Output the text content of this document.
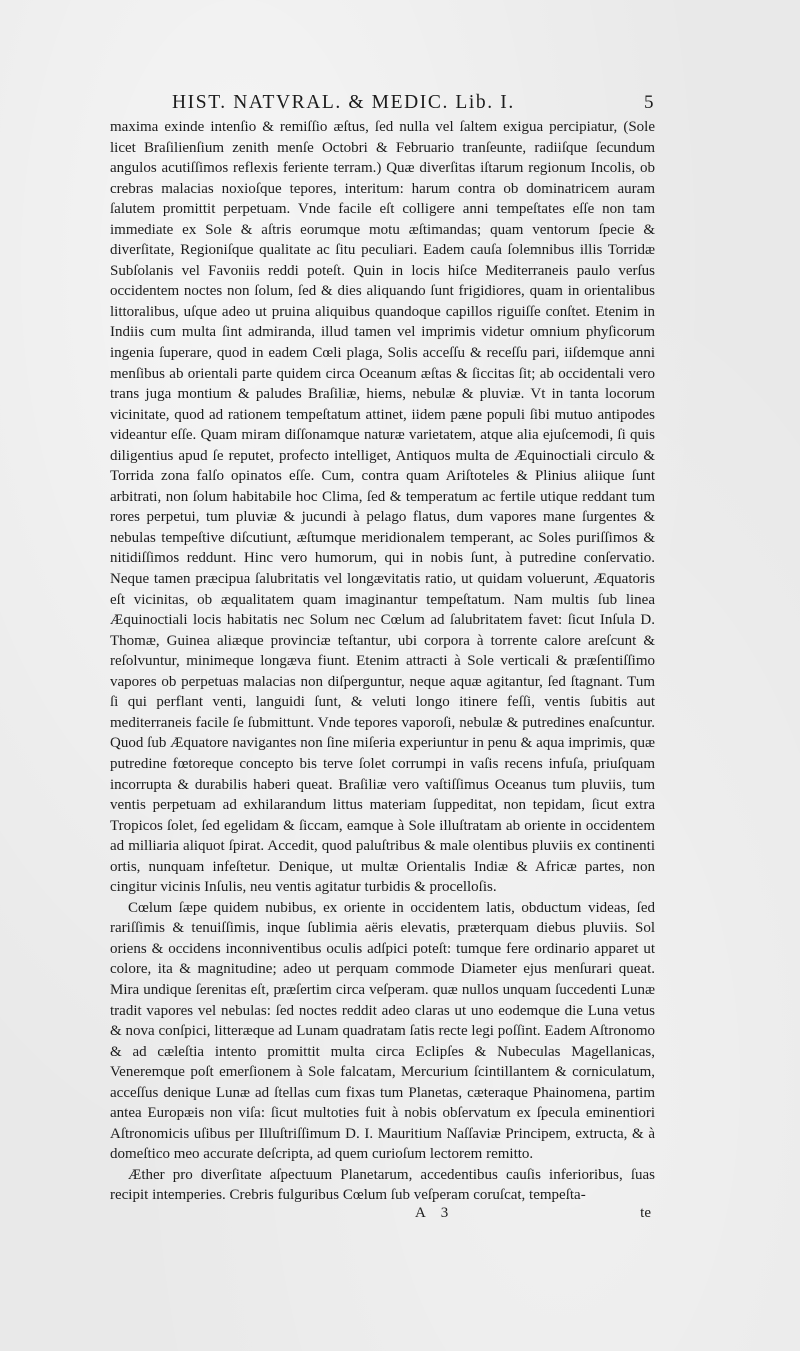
HIST. NATVRAL. & MEDIC. Lib. I.	5

maxima exinde intenſio & remiſſio æſtus, ſed nulla vel ſaltem exigua percipiatur, (Sole licet Braſilienſium zenith menſe Octobri & Februario tranſeunte, radiiſque ſecundum angulos acutiſſimos reflexis feriente terram.) Quæ diverſitas iſtarum regionum Incolis, ob crebras malacias noxioſque tepores, interitum: harum contra ob dominatricem auram ſalutem promittit perpetuam. Vnde facile eſt colligere anni tempeſtates eſſe non tam immediate ex Sole & aſtris eorumque motu æſtimandas; quam ventorum ſpecie & diverſitate, Regioniſque qualitate ac ſitu peculiari. Eadem cauſa ſolemnibus illis Torridæ Subſolanis vel Favoniis reddi poteſt. Quin in locis hiſce Mediterraneis paulo verſus occidentem noctes non ſolum, ſed & dies aliquando ſunt frigidiores, quam in orientalibus littoralibus, uſque adeo ut pruina aliquibus quandoque capillos riguiſſe conſtet. Etenim in Indiis cum multa ſint admiranda, illud tamen vel imprimis videtur omnium phyſicorum ingenia ſuperare, quod in eadem Cœli plaga, Solis acceſſu & receſſu pari, iiſdemque anni menſibus ab orientali parte quidem circa Oceanum æſtas & ſiccitas ſit; ab occidentali vero trans juga montium & paludes Braſiliæ, hiems, nebulæ & pluviæ. Vt in tanta locorum vicinitate, quod ad rationem tempeſtatum attinet, iidem pæne populi ſibi mutuo antipodes videantur eſſe. Quam miram diſſonamque naturæ varietatem, atque alia ejuſcemodi, ſi quis diligentius apud ſe reputet, profecto intelliget, Antiquos multa de Æquinoctiali circulo & Torrida zona falſo opinatos eſſe. Cum, contra quam Ariſtoteles & Plinius aliique ſunt arbitrati, non ſolum habitabile hoc Clima, ſed & temperatum ac fertile utique reddant tum rores perpetui, tum pluviæ & jucundi à pelago flatus, dum vapores mane ſurgentes & nebulas tempeſtive diſcutiunt, æſtumque meridionalem temperant, ac Soles puriſſimos & nitidiſſimos reddunt. Hinc vero humorum, qui in nobis ſunt, à putredine conſervatio. Neque tamen præcipua ſalubritatis vel longævitatis ratio, ut quidam voluerunt, Æquatoris eſt vicinitas, ob æqualitatem quam imaginantur tempeſtatum. Nam multis ſub linea Æquinoctiali locis habitatis nec Solum nec Cœlum ad ſalubritatem favet: ſicut Inſula D. Thomæ, Guinea aliæque provinciæ teſtantur, ubi corpora à torrente calore areſcunt & reſolvuntur, minimeque longæva fiunt. Etenim attracti à Sole verticali & præſentiſſimo vapores ob perpetuas malacias non diſperguntur, neque aquæ agitantur, ſed ſtagnant. Tum ſi qui perflant venti, languidi ſunt, & veluti longo itinere feſſi, ventis ſubitis aut mediterraneis facile ſe ſubmittunt. Vnde tepores vaporoſi, nebulæ & putredines enaſcuntur. Quod ſub Æquatore navigantes non ſine miſeria experiuntur in penu & aqua imprimis, quæ putredine fœtoreque concepto bis terve ſolet corrumpi in vaſis recens infuſa, priuſquam incorrupta & durabilis haberi queat. Braſiliæ vero vaſtiſſimus Oceanus tum pluviis, tum ventis perpetuam ad exhilarandum littus materiam ſuppeditat, non tepidam, ſicut extra Tropicos ſolet, ſed egelidam & ſiccam, eamque à Sole illuſtratam ab oriente in occidentem ad milliaria aliquot ſpirat. Accedit, quod paluſtribus & male olentibus pluviis ex continenti ortis, nunquam infeſtetur. Denique, ut multæ Orientalis Indiæ & Africæ partes, non cingitur vicinis Inſulis, neu ventis agitatur turbidis & procelloſis.

Cœlum ſæpe quidem nubibus, ex oriente in occidentem latis, obductum videas, ſed rariſſimis & tenuiſſimis, inque ſublimia aëris elevatis, præterquam diebus pluviis. Sol oriens & occidens inconniventibus oculis adſpici poteſt: tumque fere ordinario apparet ut colore, ita & magnitudine; adeo ut perquam commode Diameter ejus menſurari queat. Mira undique ſerenitas eſt, præſertim circa veſperam. quæ nullos unquam ſuccedenti Lunæ tradit vapores vel nebulas: ſed noctes reddit adeo claras ut uno eodemque die Luna vetus & nova conſpici, litteræque ad Lunam quadratam ſatis recte legi poſſint. Eadem Aſtronomo & ad cæleſtia intento promittit multa circa Eclipſes & Nubeculas Magellanicas, Veneremque poſt emerſionem à Sole falcatam, Mercurium ſcintillantem & corniculatum, acceſſus denique Lunæ ad ſtellas cum fixas tum Planetas, cæteraque Phainomena, partim antea Europæis non viſa: ſicut multoties fuit à nobis obſervatum ex ſpecula eminentiori Aſtronomicis uſibus per Illuſtriſſimum D. I. Mauritium Naſſaviæ Principem, extructa, & à domeſtico meo accurate deſcripta, ad quem curioſum lectorem remitto.

Æther pro diverſitate aſpectuum Planetarum, accedentibus cauſis inferioribus, ſuas recipit intemperies. Crebris fulguribus Cœlum ſub veſperam coruſcat, tempeſta-

A 3	te
